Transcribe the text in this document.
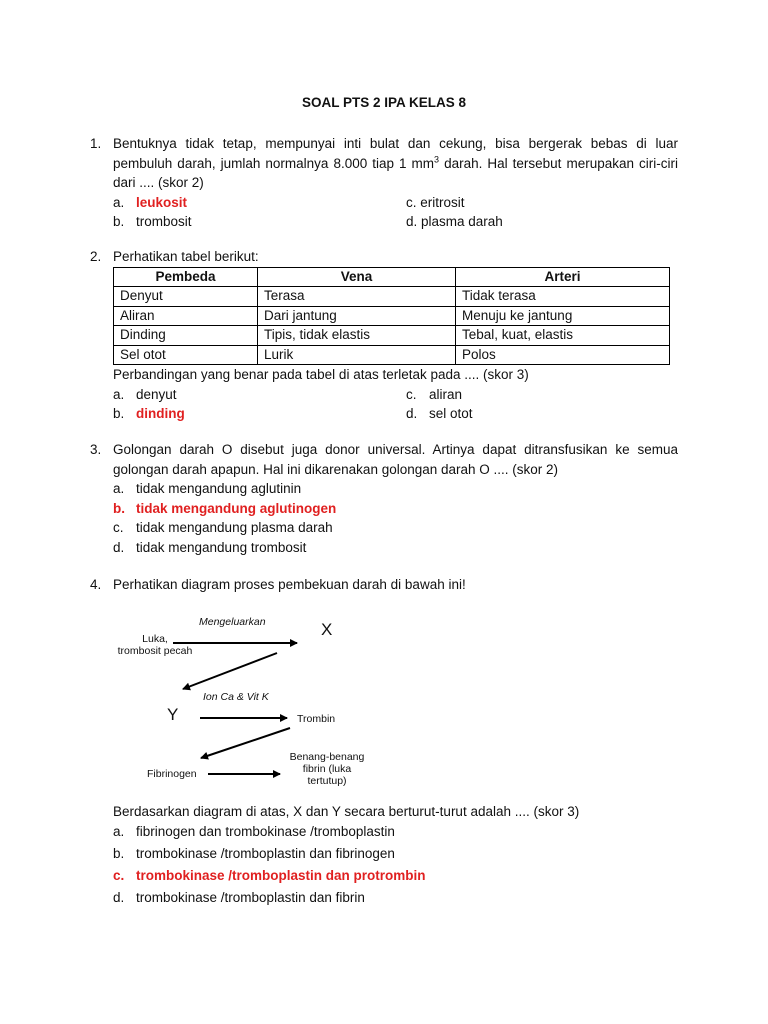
SOAL PTS 2 IPA KELAS 8
1. Bentuknya tidak tetap, mempunyai inti bulat dan cekung, bisa bergerak bebas di luar pembuluh darah, jumlah normalnya 8.000 tiap 1 $mm^3$ darah. Hal tersebut merupakan ciri-ciri dari .... (skor 2)
a. leukosit	c. eritrosit
b. trombosit	d. plasma darah
2. Perhatikan tabel berikut:
Pembeda	Vena	Arteri
Denyut	Terasa	Tidak terasa
Aliran	Dari jantung	Menuju ke jantung
Dinding	Tipis, tidak elastis	Tebal, kuat, elastis
Sel otot	Lurik	Polos
Perbandingan yang benar pada tabel di atas terletak pada .... (skor 3)
a. denyut	c. aliran
b. dinding	d. sel otot
3. Golongan darah O disebut juga donor universal. Artinya dapat ditransfusikan ke semua golongan darah apapun. Hal ini dikarenakan golongan darah O .... (skor 2)
a. tidak mengandung aglutinin
b. tidak mengandung aglutinogen
c. tidak mengandung plasma darah
d. tidak mengandung trombosit
4. Perhatikan diagram proses pembekuan darah di bawah ini!
Mengeluarkan
Luka,
trombosit pecah
X
Ion Ca & Vit K
Y	Trombin
Fibrinogen
Benang-benang
fibrin (luka
tertutup)
Berdasarkan diagram di atas, X dan Y secara berturut-turut adalah .... (skor 3)
a. fibrinogen dan trombokinase /tromboplastin
b. trombokinase /tromboplastin dan fibrinogen
c. trombokinase /tromboplastin dan protrombin
d. trombokinase /tromboplastin dan fibrin
